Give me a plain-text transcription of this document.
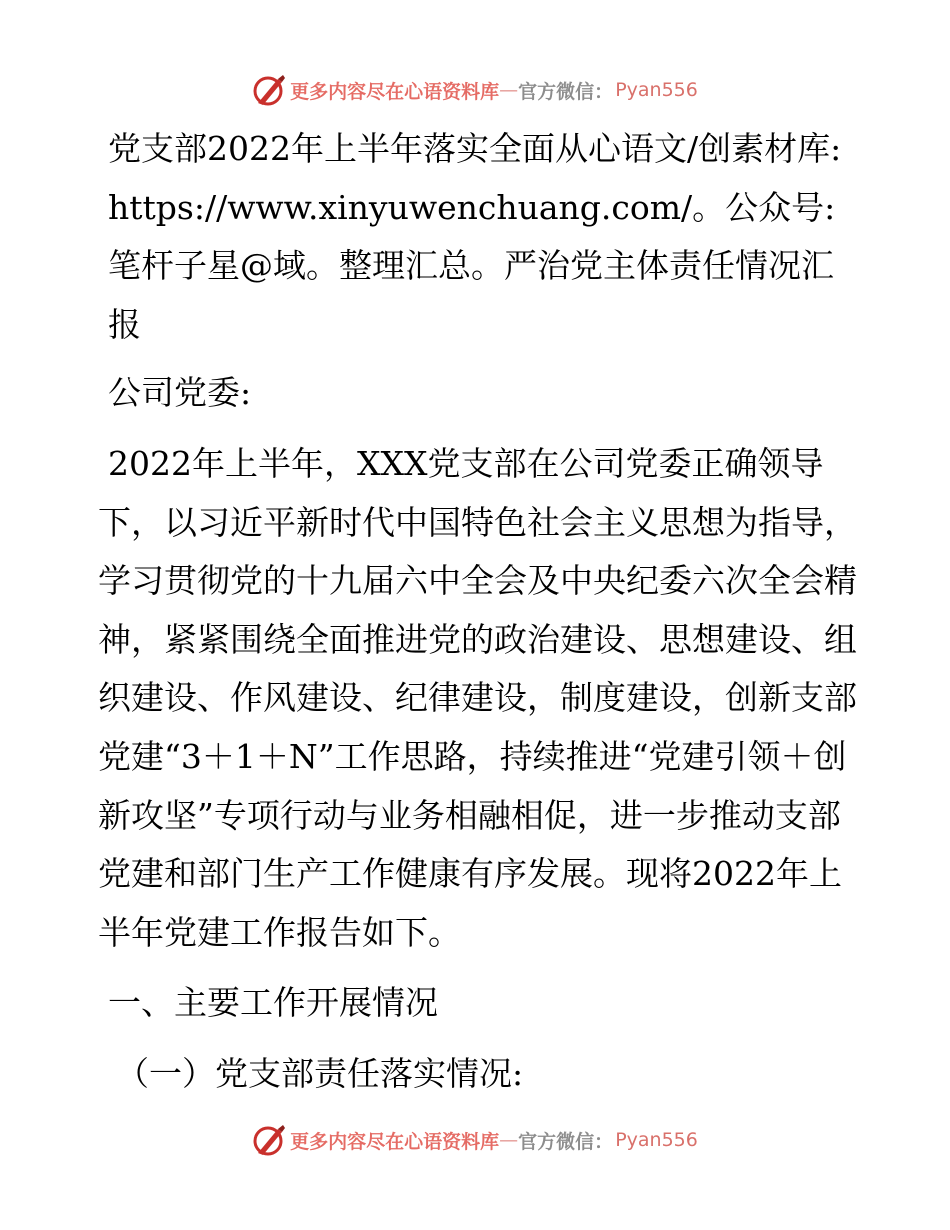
更多内容尽在心语资料库 — 官方微信： Pyan556

党支部2022年上半年落实全面从心语文/创素材库: https://www.xinyuwenchuang.com/。公众号: 笔杆子星@域。整理汇总。严治党主体责任情况汇报

公司党委:

2022年上半年，XXX党支部在公司党委正确领导下，以习近平新时代中国特色社会主义思想为指导，学习贯彻党的十九届六中全会及中央纪委六次全会精神，紧紧围绕全面推进党的政治建设、思想建设、组织建设、作风建设、纪律建设，制度建设，创新支部党建“3＋1＋N”工作思路，持续推进“党建引领＋创新攻坚”专项行动与业务相融相促，进一步推动支部党建和部门生产工作健康有序发展。现将2022年上半年党建工作报告如下。

一、主要工作开展情况

（一）党支部责任落实情况:

更多内容尽在心语资料库 — 官方微信： Pyan556
